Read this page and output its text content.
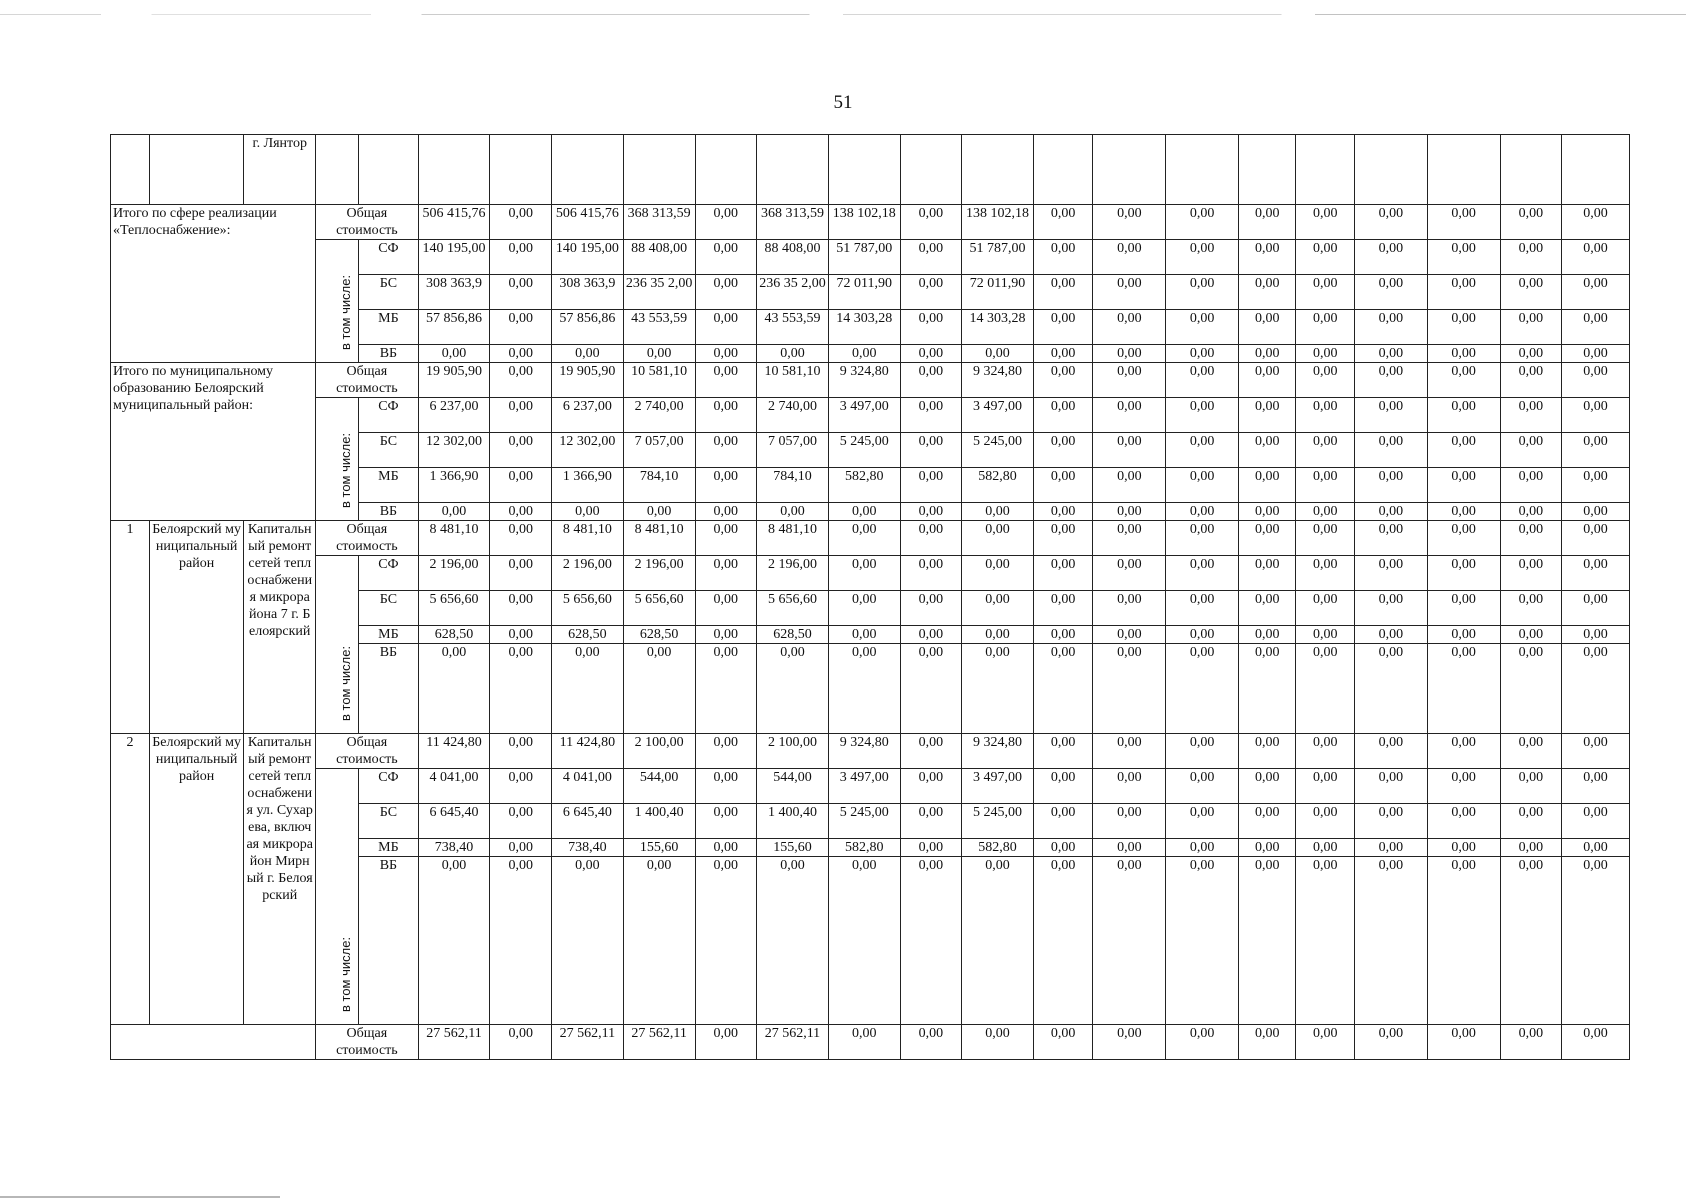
51
		г. Лянтор																				
Итого по сфере реализации «Теплоснабжение»:			Общая стоимость		506 415,76	0,00	506 415,76	368 313,59	0,00	368 313,59	138 102,18	0,00	138 102,18	0,00	0,00	0,00	0,00	0,00	0,00	0,00	0,00	0,00

			в том числе:	СФ	140 195,00	0,00	140 195,00	88 408,00	0,00	88 408,00	51 787,00	0,00	51 787,00	0,00	0,00	0,00	0,00	0,00	0,00	0,00	0,00	0,00
				БС	308 363,9	0,00	308 363,9	236 35 2,00	0,00	236 35 2,00	72 011,90	0,00	72 011,90	0,00	0,00	0,00	0,00	0,00	0,00	0,00	0,00	0,00
				МБ	57 856,86	0,00	57 856,86	43 553,59	0,00	43 553,59	14 303,28	0,00	14 303,28	0,00	0,00	0,00	0,00	0,00	0,00	0,00	0,00	0,00
				ВБ	0,00	0,00	0,00	0,00	0,00	0,00	0,00	0,00	0,00	0,00	0,00	0,00	0,00	0,00	0,00	0,00	0,00	0,00
Итого по муниципальному образованию Белоярский муниципальный район:			Общая стоимость		19 905,90	0,00	19 905,90	10 581,10	0,00	10 581,10	9 324,80	0,00	9 324,80	0,00	0,00	0,00	0,00	0,00	0,00	0,00	0,00	0,00

			в том числе:	СФ	6 237,00	0,00	6 237,00	2 740,00	0,00	2 740,00	3 497,00	0,00	3 497,00	0,00	0,00	0,00	0,00	0,00	0,00	0,00	0,00	0,00
				БС	12 302,00	0,00	12 302,00	7 057,00	0,00	7 057,00	5 245,00	0,00	5 245,00	0,00	0,00	0,00	0,00	0,00	0,00	0,00	0,00	0,00
				МБ	1 366,90	0,00	1 366,90	784,10	0,00	784,10	582,80	0,00	582,80	0,00	0,00	0,00	0,00	0,00	0,00	0,00	0,00	0,00
				ВБ	0,00	0,00	0,00	0,00	0,00	0,00	0,00	0,00	0,00	0,00	0,00	0,00	0,00	0,00	0,00	0,00	0,00	0,00
1	Белоярский муниципальный район	Капитальный ремонт сетей теплоснабжения микрорайона 7 г. Белоярский	Общая стоимость		8 481,10	0,00	8 481,10	8 481,10	0,00	8 481,10	0,00	0,00	0,00	0,00	0,00	0,00	0,00	0,00	0,00	0,00	0,00	0,00

			в том числе:	СФ	2 196,00	0,00	2 196,00	2 196,00	0,00	2 196,00	0,00	0,00	0,00	0,00	0,00	0,00	0,00	0,00	0,00	0,00	0,00	0,00
				БС	5 656,60	0,00	5 656,60	5 656,60	0,00	5 656,60	0,00	0,00	0,00	0,00	0,00	0,00	0,00	0,00	0,00	0,00	0,00	0,00
				МБ	628,50	0,00	628,50	628,50	0,00	628,50	0,00	0,00	0,00	0,00	0,00	0,00	0,00	0,00	0,00	0,00	0,00	0,00
				ВБ	0,00	0,00	0,00	0,00	0,00	0,00	0,00	0,00	0,00	0,00	0,00	0,00	0,00	0,00	0,00	0,00	0,00	0,00
2	Белоярский муниципальный район	Капитальный ремонт сетей теплоснабжения ул. Сухарева, включая микрорайон Мирный г. Белоярский	Общая стоимость		11 424,80	0,00	11 424,80	2 100,00	0,00	2 100,00	9 324,80	0,00	9 324,80	0,00	0,00	0,00	0,00	0,00	0,00	0,00	0,00	0,00

			в том числе:	СФ	4 041,00	0,00	4 041,00	544,00	0,00	544,00	3 497,00	0,00	3 497,00	0,00	0,00	0,00	0,00	0,00	0,00	0,00	0,00	0,00
				БС	6 645,40	0,00	6 645,40	1 400,40	0,00	1 400,40	5 245,00	0,00	5 245,00	0,00	0,00	0,00	0,00	0,00	0,00	0,00	0,00	0,00
				МБ	738,40	0,00	738,40	155,60	0,00	155,60	582,80	0,00	582,80	0,00	0,00	0,00	0,00	0,00	0,00	0,00	0,00	0,00
				ВБ	0,00	0,00	0,00	0,00	0,00	0,00	0,00	0,00	0,00	0,00	0,00	0,00	0,00	0,00	0,00	0,00	0,00	0,00
			Общая стоимость		27 562,11	0,00	27 562,11	27 562,11	0,00	27 562,11	0,00	0,00	0,00	0,00	0,00	0,00	0,00	0,00	0,00	0,00	0,00	0,00
